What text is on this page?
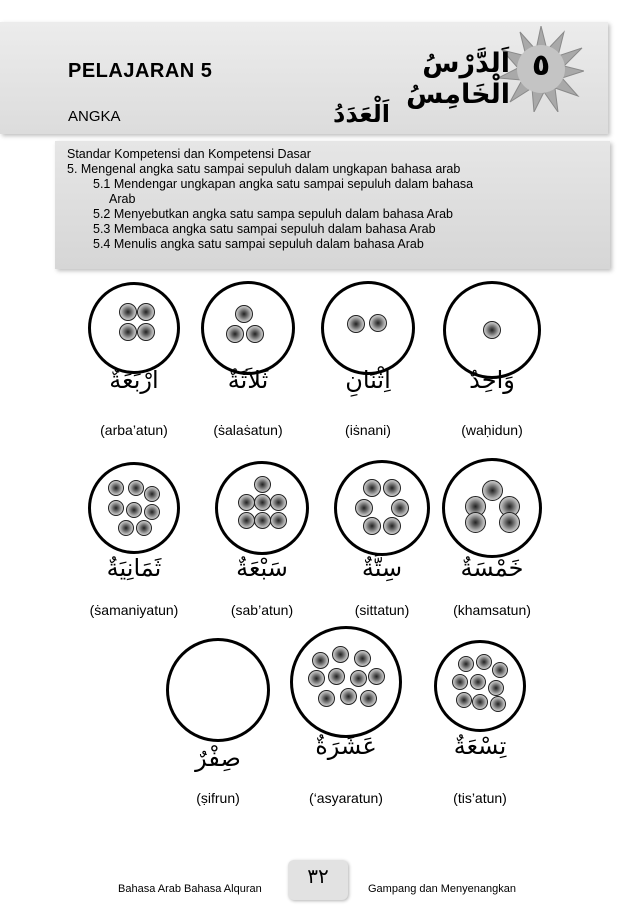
٥
PELAJARAN 5
ANGKA
اَلدَّرْسُ الْخَامِسُ
اَلْعَدَدُ

Standar Kompetensi dan Kompetensi Dasar

5. Mengenal angka satu sampai sepuluh dalam ungkapan bahasa arab

5.1 Mendengar ungkapan angka satu sampai sepuluh dalam bahasa

Arab

5.2 Menyebutkan angka satu sampa sepuluh dalam bahasa Arab

5.3 Membaca angka satu sampai sepuluh dalam bahasa Arab

5.4 Menulis angka satu sampai sepuluh dalam bahasa Arab

وَاحِدٌ
(waḥidun)
اِثْنَانِ
(iṡnani)
ثَلاَثَةٌ
(ṡalaṡatun)
اَرْبَعَةٌ
(arba’atun)
خَمْسَةٌ
(khamsatun)
سِتَّةٌ
(sittatun)
سَبْعَةٌ
(sab’atun)
ثَمَانِيَةٌ
(ṡamaniyatun)
تِسْعَةٌ
(tis’atun)
عَشَرَةٌ
(‘asyaratun)
صِفْرٌ
(ṣifrun)
Bahasa Arab Bahasa Alquran
٣٢
Gampang dan Menyenangkan
